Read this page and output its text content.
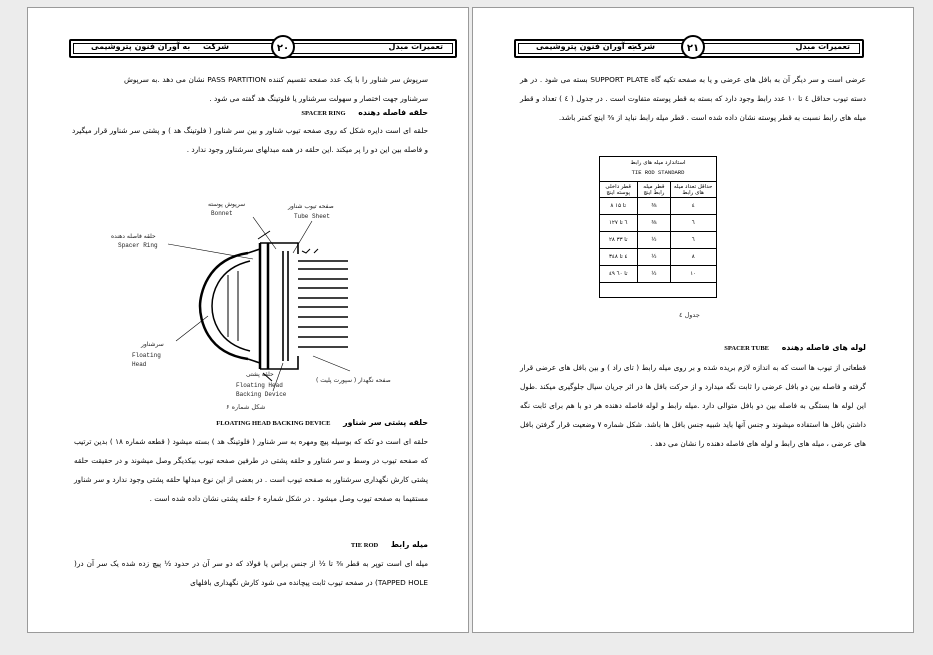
تعمیرات مبدل
۲۰
شرکت
به آوران فنون پتروشیمی
سرپوش سر شناور را با یک عدد صفحه تقسیم کننده PASS PARTITION نشان می دهد .به سرپوش سرشناور جهت اختصار و سهولت سرشناور یا فلوتینگ هد گفته می شود .
حلقه فاصله دهنده SPACER RING
حلقه ای است دایره شکل که روی صفحه تیوب شناور و بین سر شناور ( فلوتینگ هد ) و پشتی سر شناور قرار میگیرد و فاصله بین این دو را پر میکند .این حلقه در همه مبدلهای سرشناور وجود ندارد .
سرپوش پوسته
Bonnet
صفحه تیوب شناور
Tube Sheet
حلقه فاصله دهنده
Spacer Ring
سرشناور
Floating
Head
حلقه پشتی
Floating Head
Backing Device
صفحه نگهدار ( سپورت پلیت )
شکل شماره ۶
حلقه پشتی سر شناور FLOATING HEAD BACKING DEVICE
حلقه ای است دو تکه که بوسیله پیچ ومهره به سر شناور ( فلوتینگ هد ) بسته میشود ( قطعه شماره ۱۸ ) بدین ترتیب که صفحه تیوب در وسط و سر شناور و حلقه پشتی در طرفین صفحه تیوب بیکدیگر وصل میشوند و در حقیقت حلقه پشتی کارش نگهداری سرشناور به صفحه تیوب است . در بعضی از این نوع مبدلها حلقه پشتی وجود ندارد و سر شناور مستقیما به صفحه تیوب وصل میشود . در شکل شماره ۶ حلقه پشتی نشان داده شده است .
میله رابط TIE ROD
میله ای است توپر به قطر ⅜ تا ½ از جنس براس یا فولاد که دو سر آن در حدود ½ پیچ زده شده یک سر آن در( TAPPED HOLE) در صفحه تیوب ثابت پیچانده می شود کارش نگهداری بافلهای
تعمیرات مبدل
۲۱
شرکت
به آوران فنون پتروشیمی
عرضی است و سر دیگر آن به بافل های عرضی و یا به صفحه تکیه گاه SUPPORT PLATE بسته می شود . در هر دسته تیوب حداقل ٤ تا ۱۰ عدد رابط وجود دارد که بسته به قطر پوسته متفاوت است . در جدول ( ٤ ) تعداد و قطر میله های رابط نسبت به قطر پوسته نشان داده شده است . قطر میله رابط نباید از ⅜ اینچ کمتر باشد.
استاندارد میله های رابط
TIE ROD STANDARD
قطر داخلی پوسته اینچ	قطر میله رابط اینچ	حداقل تعداد میله های رابط
۸ تا ۱۵	⅜	٤
۱٦ تا ۲۷	⅜	٦
۲۸ تا ۳۳	½	٦
۳٤ تا ٤۸	½	۸
٤۹ تا ٦۰	½	۱۰
جدول ٤
لوله های فاصله دهنده SPACER TUBE
قطعاتی از تیوب ها است که به اندازه لازم بریده شده و بر روی میله رابط ( تای راد ) و بین بافل های عرضی قرار گرفته و فاصله بین دو بافل عرضی را ثابت نگه میدارد و از حرکت بافل ها در اثر جریان سیال جلوگیری میکند .طول این لوله ها بستگی به فاصله بین دو بافل متوالی دارد .میله رابط و لوله فاصله دهنده هر دو با هم برای ثابت نگه داشتن بافل ها استفاده میشوند و جنس آنها باید شبیه جنس بافل ها باشد. شکل شماره ۷ وضعیت قرار گرفتن بافل های عرضی ، میله های رابط و لوله های فاصله دهنده را نشان می دهد .
